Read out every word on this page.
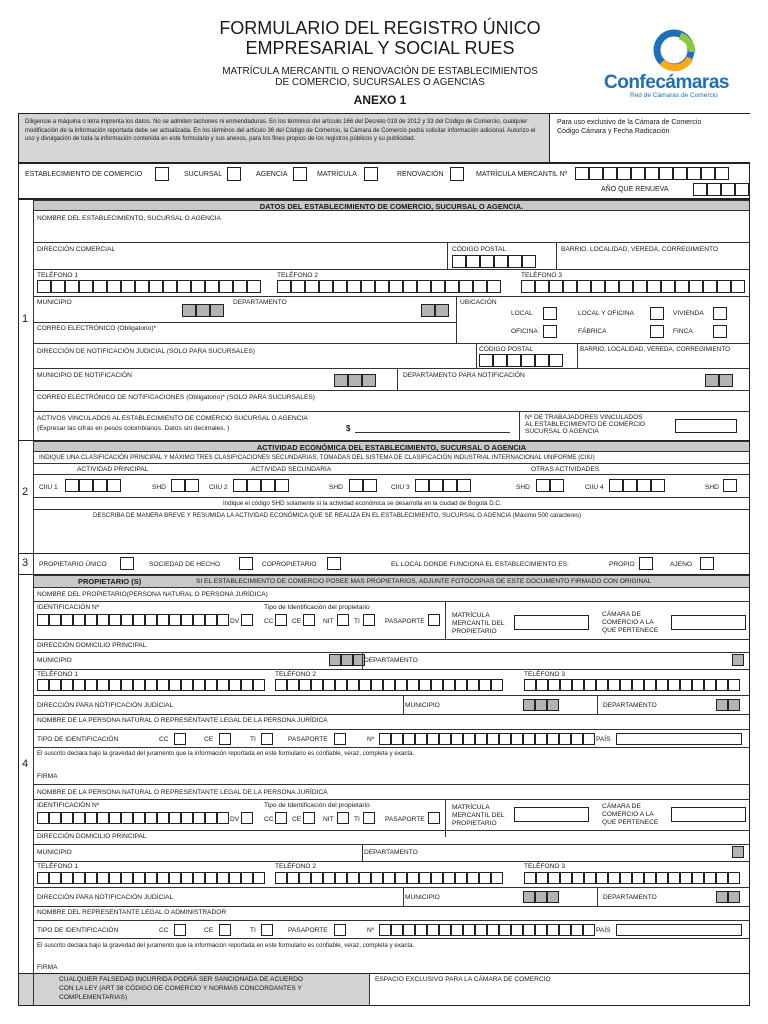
FORMULARIO DEL REGISTRO ÚNICO
EMPRESARIAL Y SOCIAL RUES
MATRÍCULA MERCANTIL O RENOVACIÓN DE ESTABLECIMIENTOS
DE COMERCIO, SUCURSALES O AGENCIAS
ANEXO 1
Confecámaras
Red de Cámaras de Comercio
Diligencie a máquina o letra imprenta los datos. No se admiten tachones ni enmendaduras. En los términos del artículo 166 del Decreto 019 de 2012 y 33 del Código de Comercio, cualquier modificación de la información reportada debe ser actualizada. En los términos del artículo 36 del Código de Comercio, la Cámara de Comercio podrá solicitar información adicional. Autorizo el uso y divulgación de toda la información contenida en este formulario y sus anexos, para los fines propios de los registros públicos y su publicidad.
Para uso exclusivo de la Cámara de Comercio
Código Cámara y Fecha Radicación
ESTABLECIMIENTO DE COMERCIO	SUCURSAL	AGENCIA	MATRÍCULA	RENOVACIÓN	MATRÍCULA MERCANTIL Nº
AÑO QUE RENUEVA
1
DATOS DEL ESTABLECIMIENTO DE COMERCIO, SUCURSAL O AGENCIA.
NOMBRE DEL ESTABLECIMIENTO, SUCURSAL O AGENCIA
DIRECCIÓN COMERCIAL	CÓDIGO POSTAL	BARRIO, LOCALIDAD, VEREDA, CORREGIMIENTO
TELÉFONO 1	TELÉFONO 2	TELÉFONO 3
MUNICIPIO	DEPARTAMENTO	UBICACIÓN
LOCAL	LOCAL Y OFICINA	VIVIENDA
OFICINA	FÁBRICA	FINCA
CORREO ELECTRÓNICO (Obligatorio)*
DIRECCIÓN DE NOTIFICACIÓN JUDICIAL (SOLO PARA SUCURSALES)	CÓDIGO POSTAL	BARRIO, LOCALIDAD, VEREDA, CORREGIMIENTO
MUNICIPIO DE NOTIFICACIÓN	DEPARTAMENTO PARA NOTIFICACIÓN
CORREO ELECTRÓNICO DE NOTIFICACIONES (Obligatorio)* (SOLO PARA SUCURSALES)
ACTIVOS VINCULADOS AL ESTABLECIMIENTO DE COMERCIO SUCURSAL O AGENCIA
(Expresar las cifras en pesos colombianos. Datos sin decimales. )	$
Nº DE TRABAJADORES VINCULADOS
AL ESTABLECIMIENTO DE COMERCIO
SUCURSAL O AGENCIA
2
ACTIVIDAD ECONÓMICA DEL ESTABLECIMIENTO, SUCURSAL O AGENCIA
INDIQUE UNA CLASIFICACIÓN PRINCIPAL Y MÁXIMO TRES CLASIFICACIONES SECUNDARIAS, TOMADAS DEL SISTEMA DE CLASIFICACIÓN INDUSTRIAL INTERNACIONAL UNIFORME (CIIU)
ACTIVIDAD PRINCIPAL	ACTIVIDAD SECUNDARIA	OTRAS ACTIVIDADES
CIIU 1	SHD	CIIU 2	SHD	CIIU 3	SHD	CIIU 4	SHD
Indique el código SHD solamente si la actividad económica se desarrolla en la ciudad de Bogotá D.C.
DESCRIBA DE MANERA BREVE Y RESUMIDA LA ACTIVIDAD ECONÓMICA QUE SE REALIZA EN EL ESTABLECIMIENTO, SUCURSAL O AGENCIA (Máximo 500 caracteres)
3 PROPIETARIO ÚNICO	SOCIEDAD DE HECHO	COPROPIETARIO	EL LOCAL DONDE FUNCIONA EL ESTABLECIMIENTO ES:	PROPIO	AJENO
4
PROPIETARIO (S)	SI EL ESTABLECIMIENTO DE COMERCIO POSEE MAS PROPIETARIOS, ADJUNTE FOTOCOPIAS DE ESTE DOCUMENTO FIRMADO CON ORIGINAL
NOMBRE DEL PROPIETARIO(PERSONA NATURAL O PERSONA JURÍDICA)
IDENTIFICACIÓN Nº
DV
Tipo de Identificación del propietario
CC	CE	NIT	TI	PASAPORTE
MATRÍCULA
MERCANTIL DEL
PROPIETARIO
CÁMARA DE
COMERCIO A LA
QUE PERTENECE
DIRECCIÓN DOMICILIO PRINCIPAL
MUNICIPIO	DEPARTAMENTO
TELÉFONO 1	TELÉFONO 2	TELÉFONO 3
DIRECCIÓN PARA NOTIFICACIÓN JUDICIAL	MUNICIPIO	DEPARTAMENTO
NOMBRE DE LA PERSONA NATURAL O REPRESENTANTE LEGAL DE LA PERSONA JURÍDICA
TIPO DE IDENTIFICACIÓN	CC	CE	TI	PASAPORTE	Nº	PAÍS
El suscrito declara bajo la gravedad del juramento que la información reportada en este formulario es confiable, veraz, completa y exacta.
FIRMA
NOMBRE DE LA PERSONA NATURAL O REPRESENTANTE LEGAL DE LA PERSONA JURÍDICA
IDENTIFICACIÓN Nº
DV
Tipo de Identificación del propietario
CC	CE	NIT	TI	PASAPORTE
MATRÍCULA
MERCANTIL DEL
PROPIETARIO
CÁMARA DE
COMERCIO A LA
QUE PERTENECE
DIRECCIÓN DOMICILIO PRINCIPAL
MUNICIPIO	DEPARTAMENTO
TELÉFONO 1	TELÉFONO 2	TELÉFONO 3
DIRECCIÓN PARA NOTIFICACIÓN JUDICIAL	MUNICIPIO	DEPARTAMENTO
NOMBRE DEL REPRESENTANTE LEGAL O ADMINISTRADOR
TIPO DE IDENTIFICACIÓN	CC	CE	TI	PASAPORTE	Nº	PAÍS
El suscrito declara bajo la gravedad del juramento que la información reportada en este formulario es confiable, veraz, completa y exacta.
FIRMA
CUALQUIER FALSEDAD INCURRIDA PODRÁ SER SANCIONADA DE ACUERDO
CON LA LEY (ART 38 CÓDIGO DE COMERCIO Y NORMAS CONCORDANTES Y
COMPLEMENTARIAS)
ESPACIO EXCLUSIVO PARA LA CÁMARA DE COMERCIO
